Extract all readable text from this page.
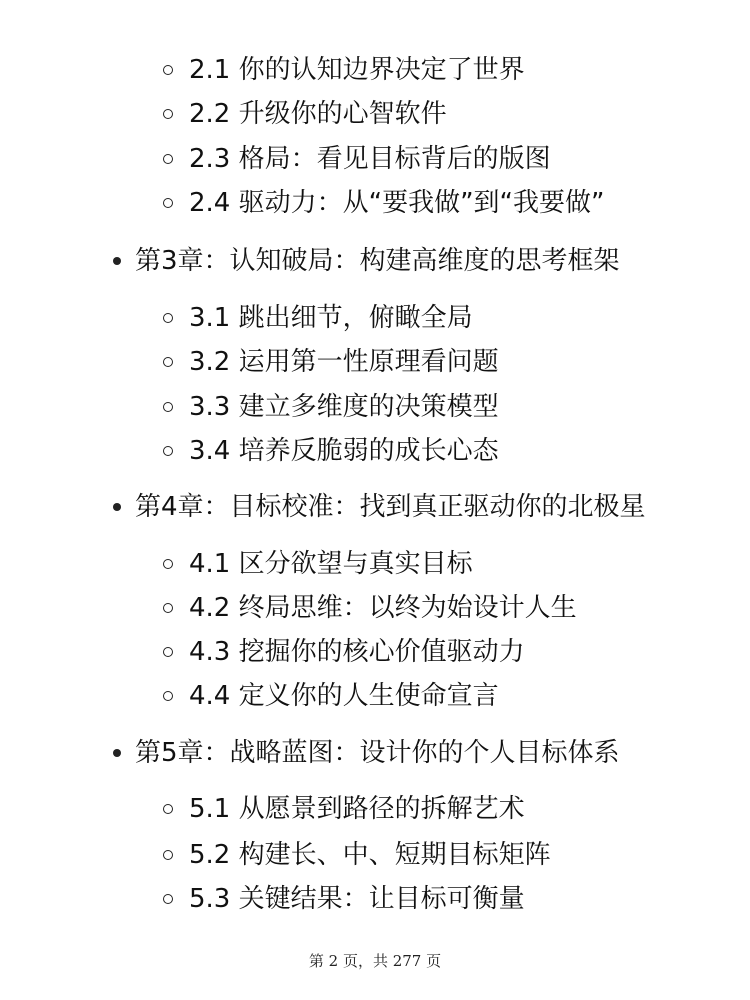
2.1 你的认知边界决定了世界
2.2 升级你的心智软件
2.3 格局：看见目标背后的版图
2.4 驱动力：从“要我做”到“我要做”
第3章：认知破局：构建高维度的思考框架
3.1 跳出细节，俯瞰全局
3.2 运用第一性原理看问题
3.3 建立多维度的决策模型
3.4 培养反脆弱的成长心态
第4章：目标校准：找到真正驱动你的北极星
4.1 区分欲望与真实目标
4.2 终局思维：以终为始设计人生
4.3 挖掘你的核心价值驱动力
4.4 定义你的人生使命宣言
第5章：战略蓝图：设计你的个人目标体系
5.1 从愿景到路径的拆解艺术
5.2 构建长、中、短期目标矩阵
5.3 关键结果：让目标可衡量
第 2 页，共 277 页
